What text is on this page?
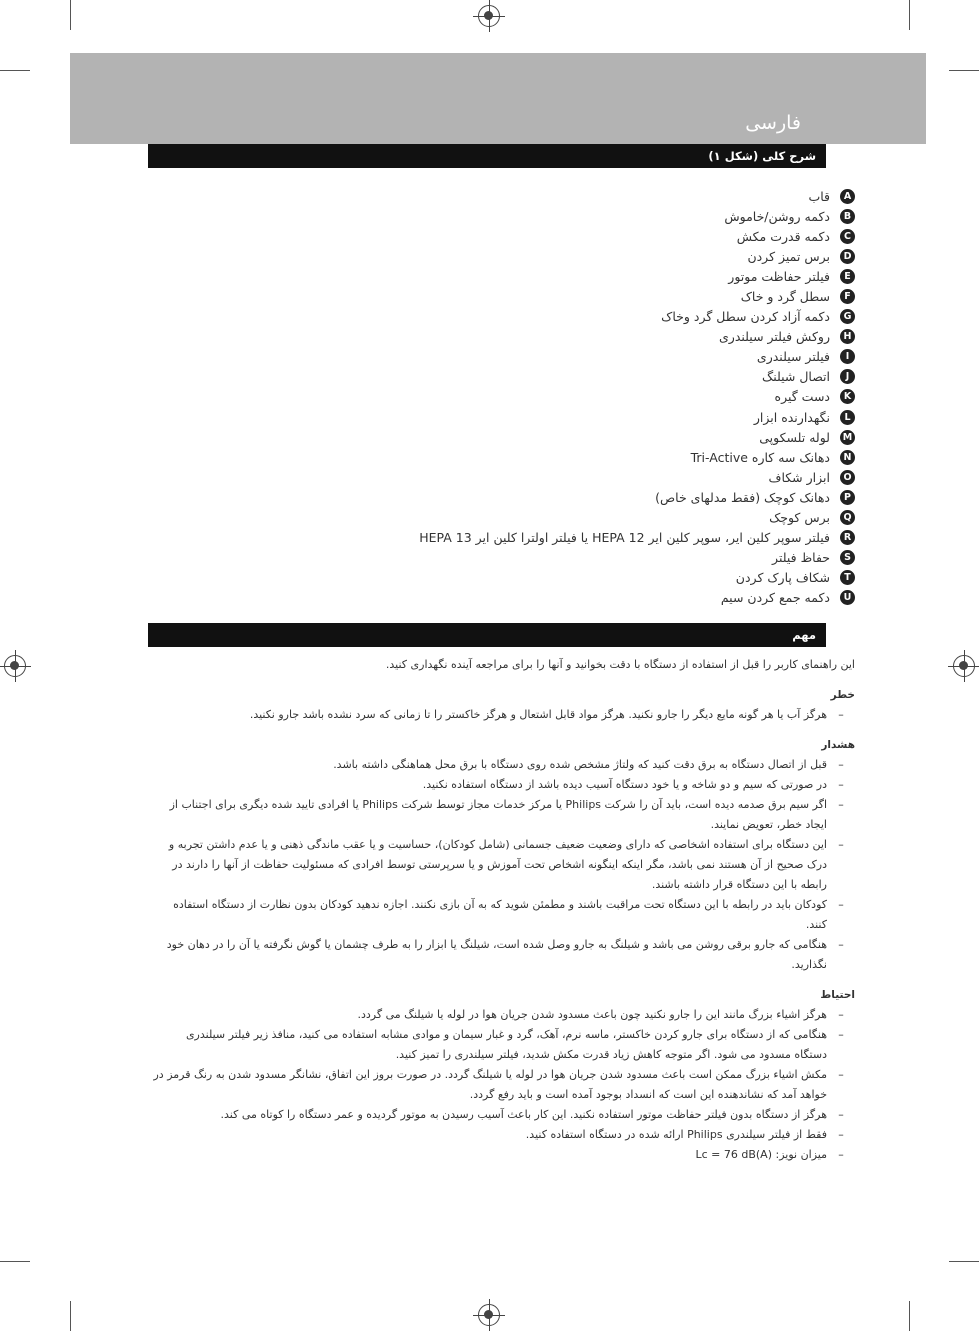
فارسی
شرح کلی (شکل ۱)
A
قاب
B
دکمه روشن/خاموش
C
دکمه قدرت مکش
D
برس تمیز کردن
E
فیلتر حفاظت موتور
F
سطل گرد و خاک
G
دکمه آزاد کردن سطل گرد وخاک
H
روکش فیلتر سیلندری
I
فیلتر سیلندری
J
اتصال شیلنگ
K
دست گیره
L
نگهدارنده ابزار
M
لوله تلسکوپی
N
دهانک سه کاره Tri-Active
O
ابزار شکاف
P
دهانک کوچک (فقط مدلهای خاص)
Q
برس کوچک
R
فیلتر سوپر کلین ایر، سوپر کلین ایر HEPA 12 یا فیلتر اولترا کلین ایر HEPA 13
S
حفاظ فیلتر
T
شکاف پارک کردن
U
دکمه جمع کردن سیم
مهم
این راهنمای کاربر را قبل از استفاده از دستگاه با دقت بخوانید و آنها را برای مراجعه آینده نگهداری کنید.
خطر
–
هرگز آب یا هر گونه مایع دیگر را جارو نکنید. هرگز مواد قابل اشتعال و هرگز خاکستر را تا زمانی که سرد نشده باشد جارو نکنید.
هشدار
–
قبل از اتصال دستگاه به برق دقت کنید که ولتاژ مشخص شده روی دستگاه با برق محل هماهنگی داشته باشد.
–
در صورتی که سیم و دو شاخه و یا خود دستگاه آسیب دیده باشد از دستگاه استفاده نکنید.
–
اگر سیم برق صدمه دیده است، باید آن را شرکت Philips یا مرکز خدمات مجاز توسط شرکت Philips یا افرادی تایید شده دیگری برای اجتناب از ایجاد خطر، تعویض نمایند.
–
این دستگاه برای استفاده اشخاصی که دارای وضعیت ضعیف جسمانی (شامل کودکان)، حساسیت و یا عقب ماندگی ذهنی و یا عدم داشتن تجربه و درک صحیح از آن هستند نمی باشد، مگر اینکه اینگونه اشخاص تحت آموزش و یا سرپرستی توسط افرادی که مسئولیت حفاظت از آنها را دارند در رابطه با این دستگاه قرار داشته باشند.
–
کودکان باید در رابطه با این دستگاه تحت مراقبت باشند و مطمئن شوید که به آن بازی نکنند. اجازه ندهید کودکان بدون نظارت از دستگاه استفاده کنند.
–
هنگامی که جارو برقی روشن می باشد و شیلنگ به جارو وصل شده است، شیلنگ یا ابزار را به طرف چشمان یا گوش نگرفته یا آن را در دهان خود نگذارید.
احتیاط
–
هرگز اشیاء بزرگ مانند این را جارو نکنید چون باعث مسدود شدن جریان هوا در لوله یا شیلنگ می گردد.
–
هنگامی که از دستگاه برای جارو کردن خاکستر، ماسه نرم، آهک، گرد و غبار سیمان و موادی مشابه استفاده می کنید، منافذ زیر فیلتر سیلندری دستگاه مسدود می شود. اگر متوجه کاهش زیاد قدرت مکش شدید، فیلتر سیلندری را تمیز کنید.
–
مکش اشیاء بزرگ ممکن است باعث مسدود شدن جریان هوا در لوله یا شیلنگ گردد. در صورت بروز این اتفاق، نشانگر مسدود شدن به رنگ قرمز در خواهد آمد که نشاندهنده این است که انسداد بوجود آمده است و باید رفع گردد.
–
هرگز از دستگاه بدون فیلتر حفاظت موتور استفاده نکنید. این کار باعث آسیب رسیدن به موتور گردیده و عمر دستگاه را کوتاه می کند.
–
فقط از فیلتر سیلندری Philips ارائه شده در دستگاه استفاده کنید.
–
میزان نویز: Lc = 76 dB(A)
